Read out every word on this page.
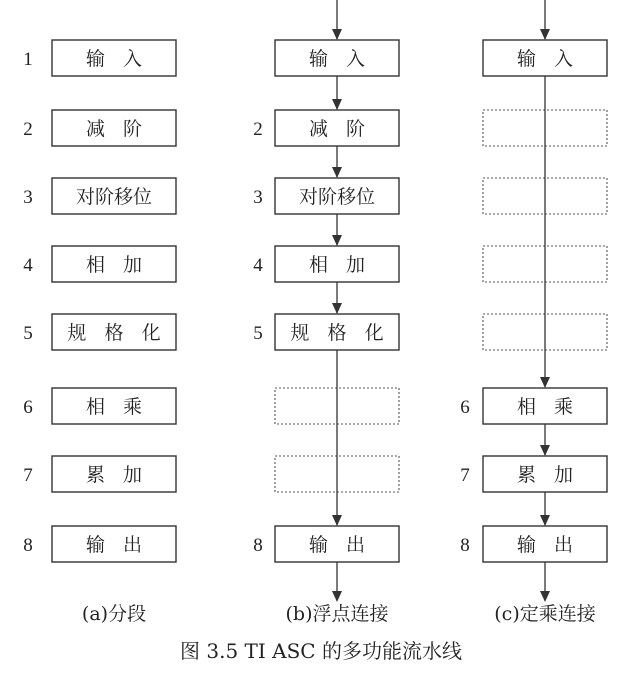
输   入
1
减   阶
2
对阶移位
3
相   加
4
规   格   化
5
相   乘
6
累   加
7
输   出
8
(a)分段
输   入
减   阶
2
对阶移位
3
相   加
4
规   格   化
5
输   出
8
(b)浮点连接
输   入
相   乘
6
累   加
7
输   出
8
(c)定乘连接
图 3.5 TI ASC 的多功能流水线
